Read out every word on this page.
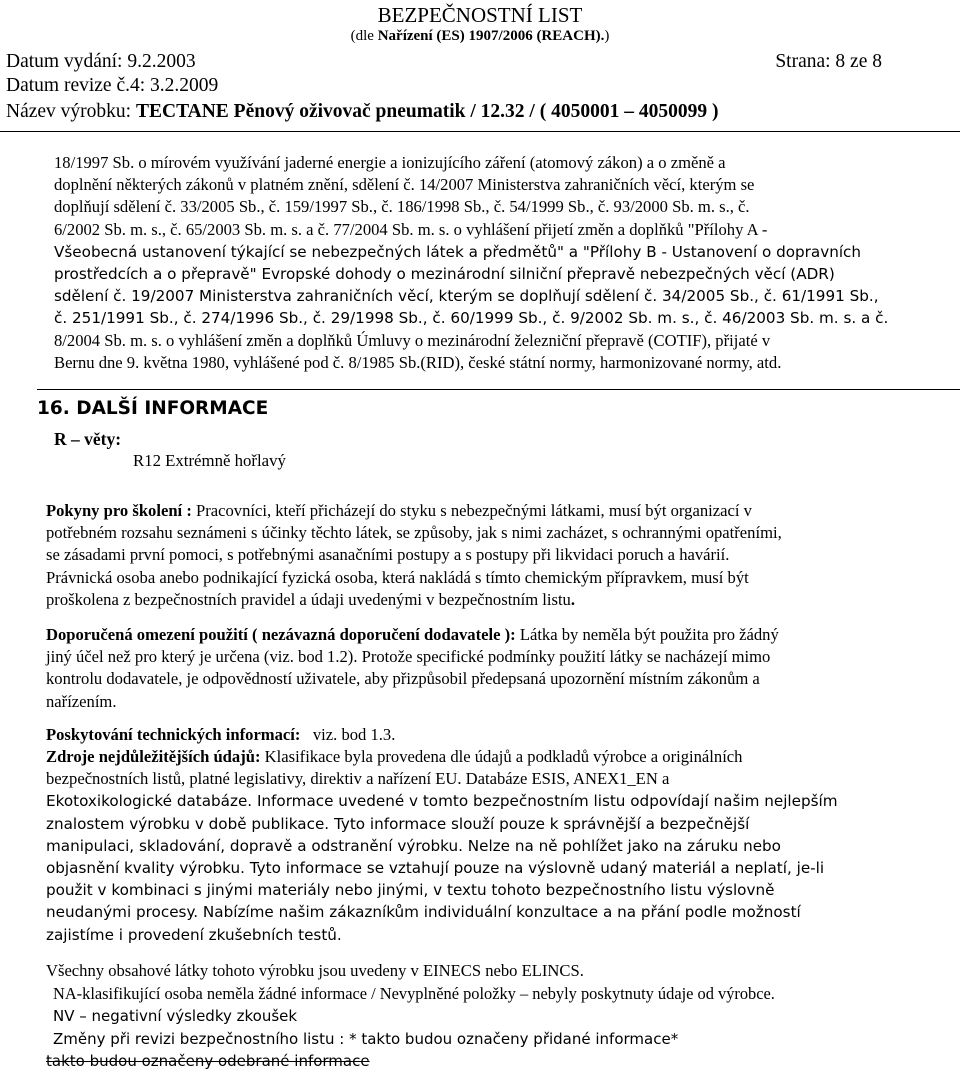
BEZPEČNOSTNÍ LIST
(dle Nařízení (ES) 1907/2006 (REACH).)
Datum vydání: 9.2.2003	Strana: 8 ze 8
Datum revize č.4: 3.2.2009
Název výrobku: TECTANE Pěnový oživovač pneumatik / 12.32 / ( 4050001 – 4050099 )
18/1997 Sb. o mírovém využívání jaderné energie a ionizujícího záření (atomový zákon) a o změně a
doplnění některých zákonů v platném znění, sdělení č. 14/2007 Ministerstva zahraničních věcí, kterým se
doplňují sdělení č. 33/2005 Sb., č. 159/1997 Sb., č. 186/1998 Sb., č. 54/1999 Sb., č. 93/2000 Sb. m. s., č.
6/2002 Sb. m. s., č. 65/2003 Sb. m. s. a č. 77/2004 Sb. m. s. o vyhlášení přijetí změn a doplňků "Přílohy A -
Všeobecná ustanovení týkající se nebezpečných látek a předmětů" a "Přílohy B - Ustanovení o dopravních
prostředcích a o přepravě" Evropské dohody o mezinárodní silniční přepravě nebezpečných věcí (ADR)
sdělení č. 19/2007 Ministerstva zahraničních věcí, kterým se doplňují sdělení č. 34/2005 Sb., č. 61/1991 Sb.,
č. 251/1991 Sb., č. 274/1996 Sb., č. 29/1998 Sb., č. 60/1999 Sb., č. 9/2002 Sb. m. s., č. 46/2003 Sb. m. s. a č.
8/2004 Sb. m. s. o vyhlášení změn a doplňků Úmluvy o mezinárodní železniční přepravě (COTIF), přijaté v
Bernu dne 9. května 1980, vyhlášené pod č. 8/1985 Sb.(RID), české státní normy, harmonizované normy, atd.
16. DALŠÍ INFORMACE
R – věty:
R12 Extrémně hořlavý
Pokyny pro školení : Pracovníci, kteří přicházejí do styku s nebezpečnými látkami, musí být organizací v
potřebném rozsahu seznámeni s účinky těchto látek, se způsoby, jak s nimi zacházet, s ochrannými opatřeními,
se zásadami první pomoci, s potřebnými asanačními postupy a s postupy při likvidaci poruch a havárií.
Právnická osoba anebo podnikající fyzická osoba, která nakládá s tímto chemickým přípravkem, musí být
proškolena z bezpečnostních pravidel a údaji uvedenými v bezpečnostním listu.
Doporučená omezení použití ( nezávazná doporučení dodavatele ): Látka by neměla být použita pro žádný
jiný účel než pro který je určena (viz. bod 1.2). Protože specifické podmínky použití látky se nacházejí mimo
kontrolu dodavatele, je odpovědností uživatele, aby přizpůsobil předepsaná upozornění místním zákonům a
nařízením.
Poskytování technických informací:   viz. bod 1.3.
Zdroje nejdůležitějších údajů: Klasifikace byla provedena dle údajů a podkladů výrobce a originálních
bezpečnostních listů, platné legislativy, direktiv a nařízení EU. Databáze ESIS, ANEX1_EN a
Ekotoxikologické databáze. Informace uvedené v tomto bezpečnostním listu odpovídají našim nejlepším
znalostem výrobku v době publikace. Tyto informace slouží pouze k správnější a bezpečnější
manipulaci, skladování, dopravě a odstranění výrobku. Nelze na ně pohlížet jako na záruku nebo
objasnění kvality výrobku. Tyto informace se vztahují pouze na výslovně udaný materiál a neplatí, je-li
použit v kombinaci s jinými materiály nebo jinými, v textu tohoto bezpečnostního listu výslovně
neudanými procesy. Nabízíme našim zákazníkům individuální konzultace a na přání podle možností
zajistíme i provedení zkušebních testů.
Všechny obsahové látky tohoto výrobku jsou uvedeny v EINECS nebo ELINCS.
NA-klasifikující osoba neměla žádné informace / Nevyplněné položky – nebyly poskytnuty údaje od výrobce.
NV – negativní výsledky zkoušek
Změny při revizi bezpečnostního listu : * takto budou označeny přidané informace*
takto budou označeny odebrané informace
